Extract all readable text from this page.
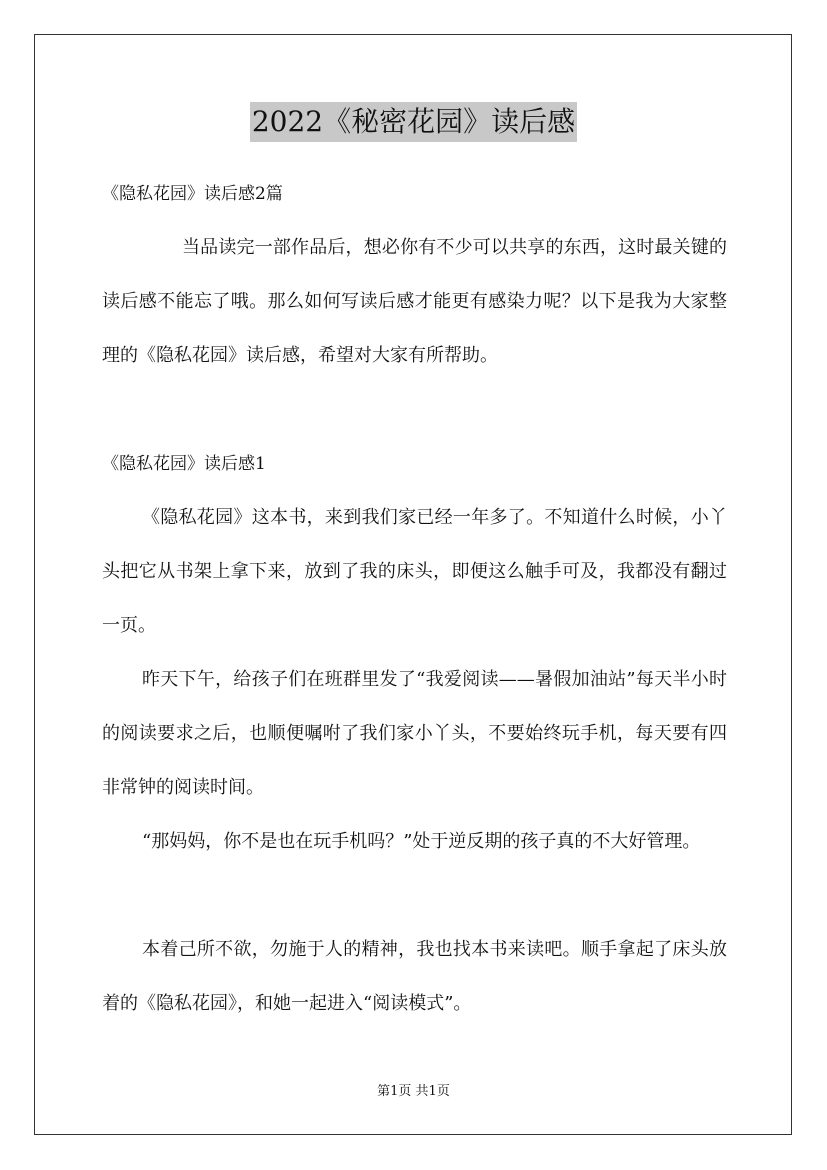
2022《秘密花园》读后感

《隐私花园》读后感2篇

当品读完一部作品后，想必你有不少可以共享的东西，这时最关键的读后感不能忘了哦。那么如何写读后感才能更有感染力呢？以下是我为大家整理的《隐私花园》读后感，希望对大家有所帮助。

《隐私花园》读后感1

《隐私花园》这本书，来到我们家已经一年多了。不知道什么时候，小丫头把它从书架上拿下来，放到了我的床头，即便这么触手可及，我都没有翻过一页。

昨天下午，给孩子们在班群里发了“我爱阅读——暑假加油站”每天半小时的阅读要求之后，也顺便嘱咐了我们家小丫头，不要始终玩手机，每天要有四非常钟的阅读时间。

“那妈妈，你不是也在玩手机吗？”处于逆反期的孩子真的不大好管理。

本着己所不欲，勿施于人的精神，我也找本书来读吧。顺手拿起了床头放着的《隐私花园》，和她一起进入“阅读模式”。

第1页 共1页
